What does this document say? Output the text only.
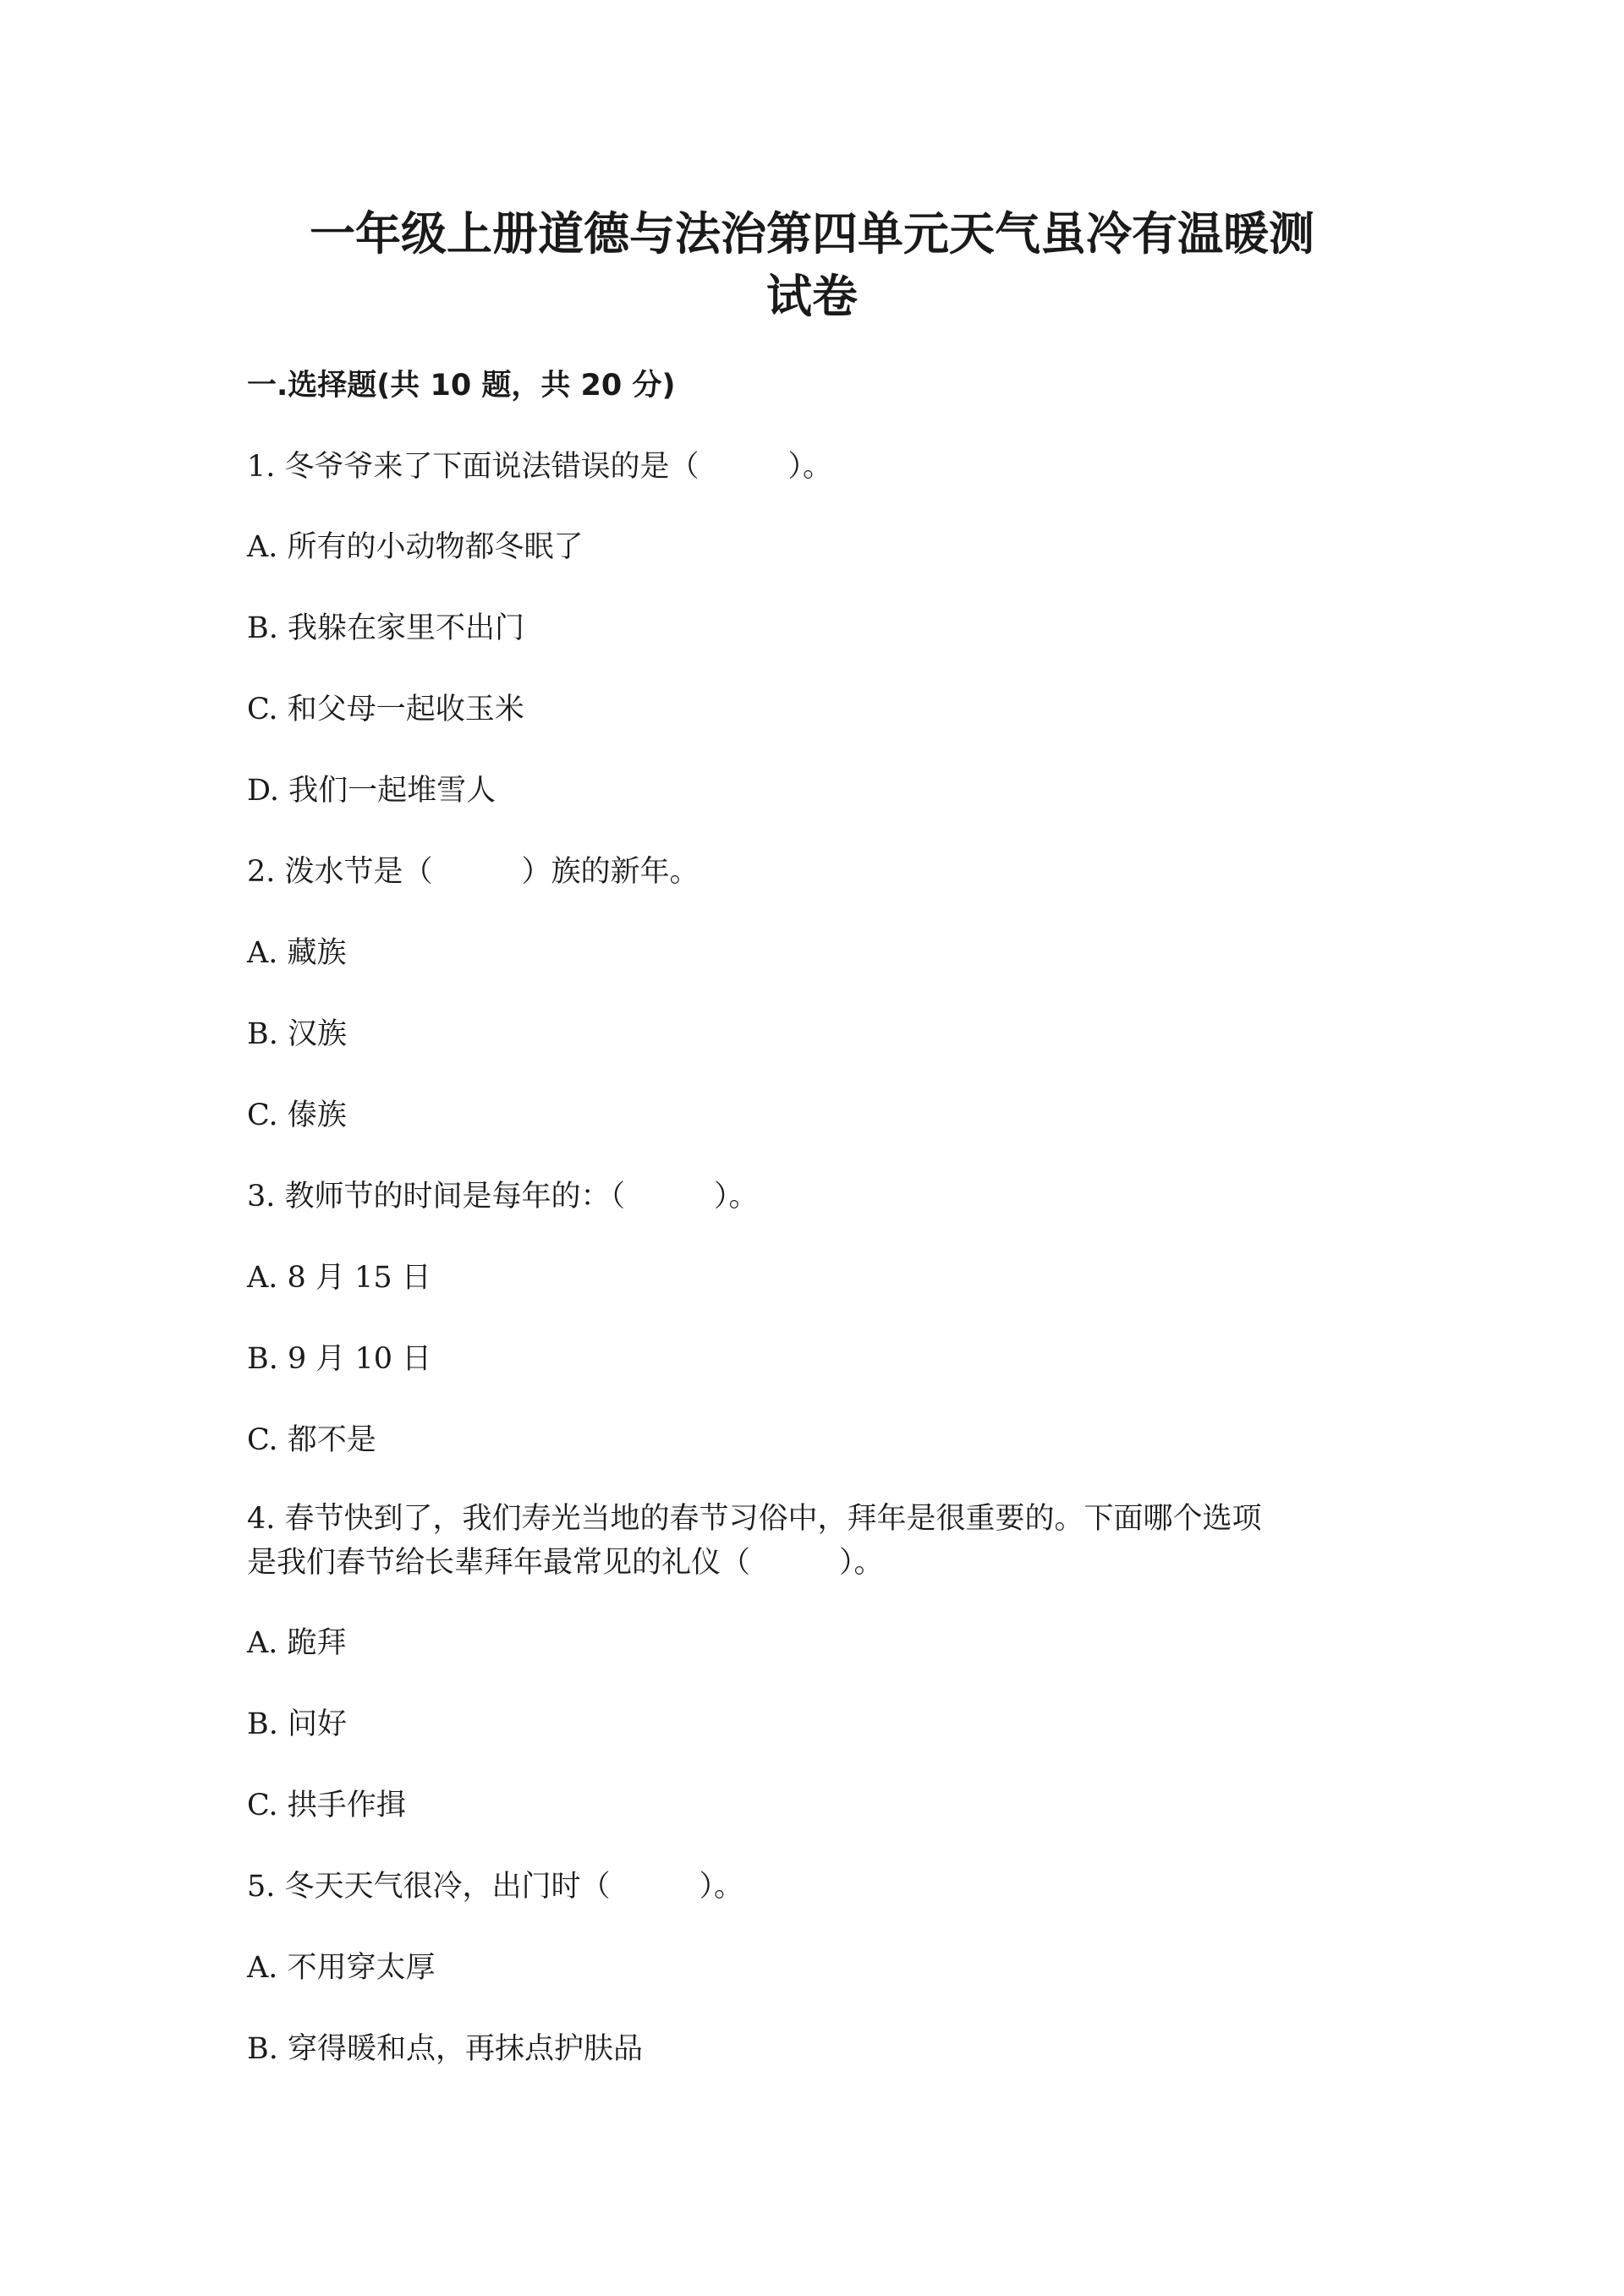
一年级上册道德与法治第四单元天气虽冷有温暖测
试卷
一.选择题(共 10 题，共 20 分)

1. 冬爷爷来了下面说法错误的是（　　　）。

A. 所有的小动物都冬眠了

B. 我躲在家里不出门

C. 和父母一起收玉米

D. 我们一起堆雪人

2. 泼水节是（　　　）族的新年。

A. 藏族

B. 汉族

C. 傣族

3. 教师节的时间是每年的：（　　　）。

A. 8 月 15 日

B. 9 月 10 日

C. 都不是

4. 春节快到了，我们寿光当地的春节习俗中，拜年是很重要的。下面哪个选项

是我们春节给长辈拜年最常见的礼仪（　　　）。

A. 跪拜

B. 问好

C. 拱手作揖

5. 冬天天气很冷，出门时（　　　）。

A. 不用穿太厚

B. 穿得暖和点，再抹点护肤品
